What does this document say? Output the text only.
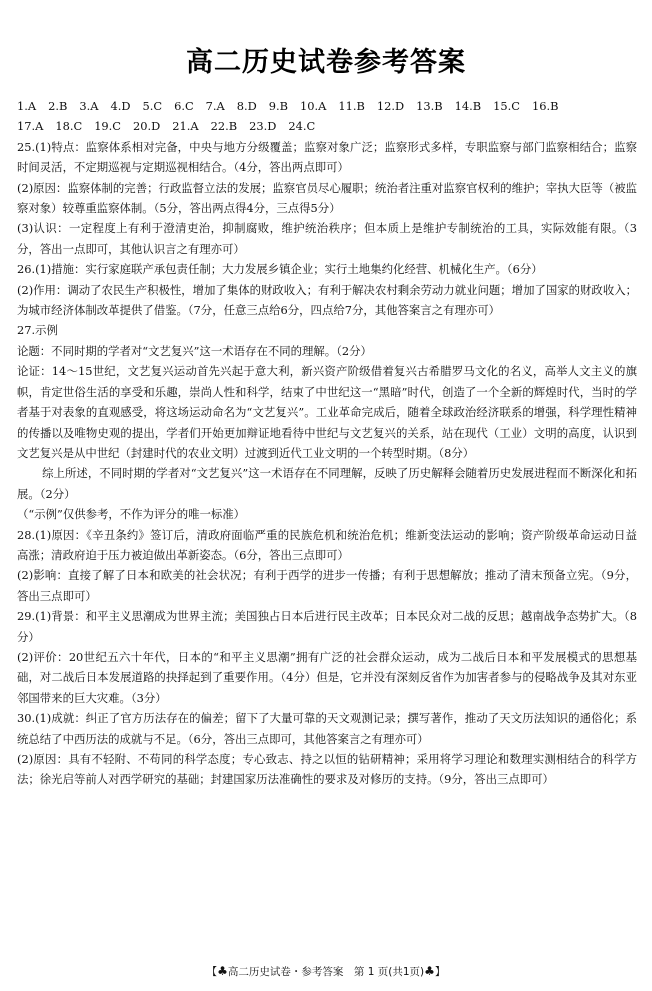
高二历史试卷参考答案
1.A 2.B 3.A 4.D 5.C 6.C 7.A 8.D 9.B 10.A 11.B 12.D 13.B 14.B 15.C 16.B
17.A 18.C 19.C 20.D 21.A 22.B 23.D 24.C

25.(1)特点：监察体系相对完备，中央与地方分级覆盖；监察对象广泛；监察形式多样，专职监察与部门监察相结合；监察时间灵活，不定期巡视与定期巡视相结合。（4分，答出两点即可）

(2)原因：监察体制的完善；行政监督立法的发展；监察官员尽心履职；统治者注重对监察官权利的维护；宰执大臣等（被监察对象）较尊重监察体制。（5分，答出两点得4分，三点得5分）

(3)认识：一定程度上有利于澄清吏治，抑制腐败，维护统治秩序；但本质上是维护专制统治的工具，实际效能有限。（3分，答出一点即可，其他认识言之有理亦可）

26.(1)措施：实行家庭联产承包责任制；大力发展乡镇企业；实行土地集约化经营、机械化生产。（6分）

(2)作用：调动了农民生产积极性，增加了集体的财政收入；有利于解决农村剩余劳动力就业问题；增加了国家的财政收入；为城市经济体制改革提供了借鉴。（7分，任意三点给6分，四点给7分，其他答案言之有理亦可）

27.示例

论题：不同时期的学者对“文艺复兴”这一术语存在不同的理解。（2分）

论证：14～15世纪，文艺复兴运动首先兴起于意大利，新兴资产阶级借着复兴古希腊罗马文化的名义，高举人文主义的旗帜，肯定世俗生活的享受和乐趣，崇尚人性和科学，结束了中世纪这一“黑暗”时代，创造了一个全新的辉煌时代，当时的学者基于对表象的直观感受，将这场运动命名为“文艺复兴”。工业革命完成后，随着全球政治经济联系的增强，科学理性精神的传播以及唯物史观的提出，学者们开始更加辩证地看待中世纪与文艺复兴的关系，站在现代（工业）文明的高度，认识到文艺复兴是从中世纪（封建时代的农业文明）过渡到近代工业文明的一个转型时期。（8分）

综上所述，不同时期的学者对“文艺复兴”这一术语存在不同理解，反映了历史解释会随着历史发展进程而不断深化和拓展。（2分）

（“示例”仅供参考，不作为评分的唯一标准）

28.(1)原因：《辛丑条约》签订后，清政府面临严重的民族危机和统治危机；维新变法运动的影响；资产阶级革命运动日益高涨；清政府迫于压力被迫做出革新姿态。（6分，答出三点即可）

(2)影响：直接了解了日本和欧美的社会状况；有利于西学的进步一传播；有利于思想解放；推动了清末预备立宪。（9分，答出三点即可）

29.(1)背景：和平主义思潮成为世界主流；美国独占日本后进行民主改革；日本民众对二战的反思；越南战争态势扩大。（8分）

(2)评价：20世纪五六十年代，日本的“和平主义思潮”拥有广泛的社会群众运动，成为二战后日本和平发展模式的思想基础，对二战后日本发展道路的抉择起到了重要作用。（4分）但是，它并没有深刻反省作为加害者参与的侵略战争及其对东亚邻国带来的巨大灾难。（3分）

30.(1)成就：纠正了官方历法存在的偏差；留下了大量可靠的天文观测记录；撰写著作，推动了天文历法知识的通俗化；系统总结了中西历法的成就与不足。（6分，答出三点即可，其他答案言之有理亦可）

(2)原因：具有不轻附、不苟同的科学态度；专心致志、持之以恒的钻研精神；采用将学习理论和数理实测相结合的科学方法；徐光启等前人对西学研究的基础；封建国家历法准确性的要求及对修历的支持。（9分，答出三点即可）

【♣高二历史试卷・参考答案　第 1 页(共1页)♣】
